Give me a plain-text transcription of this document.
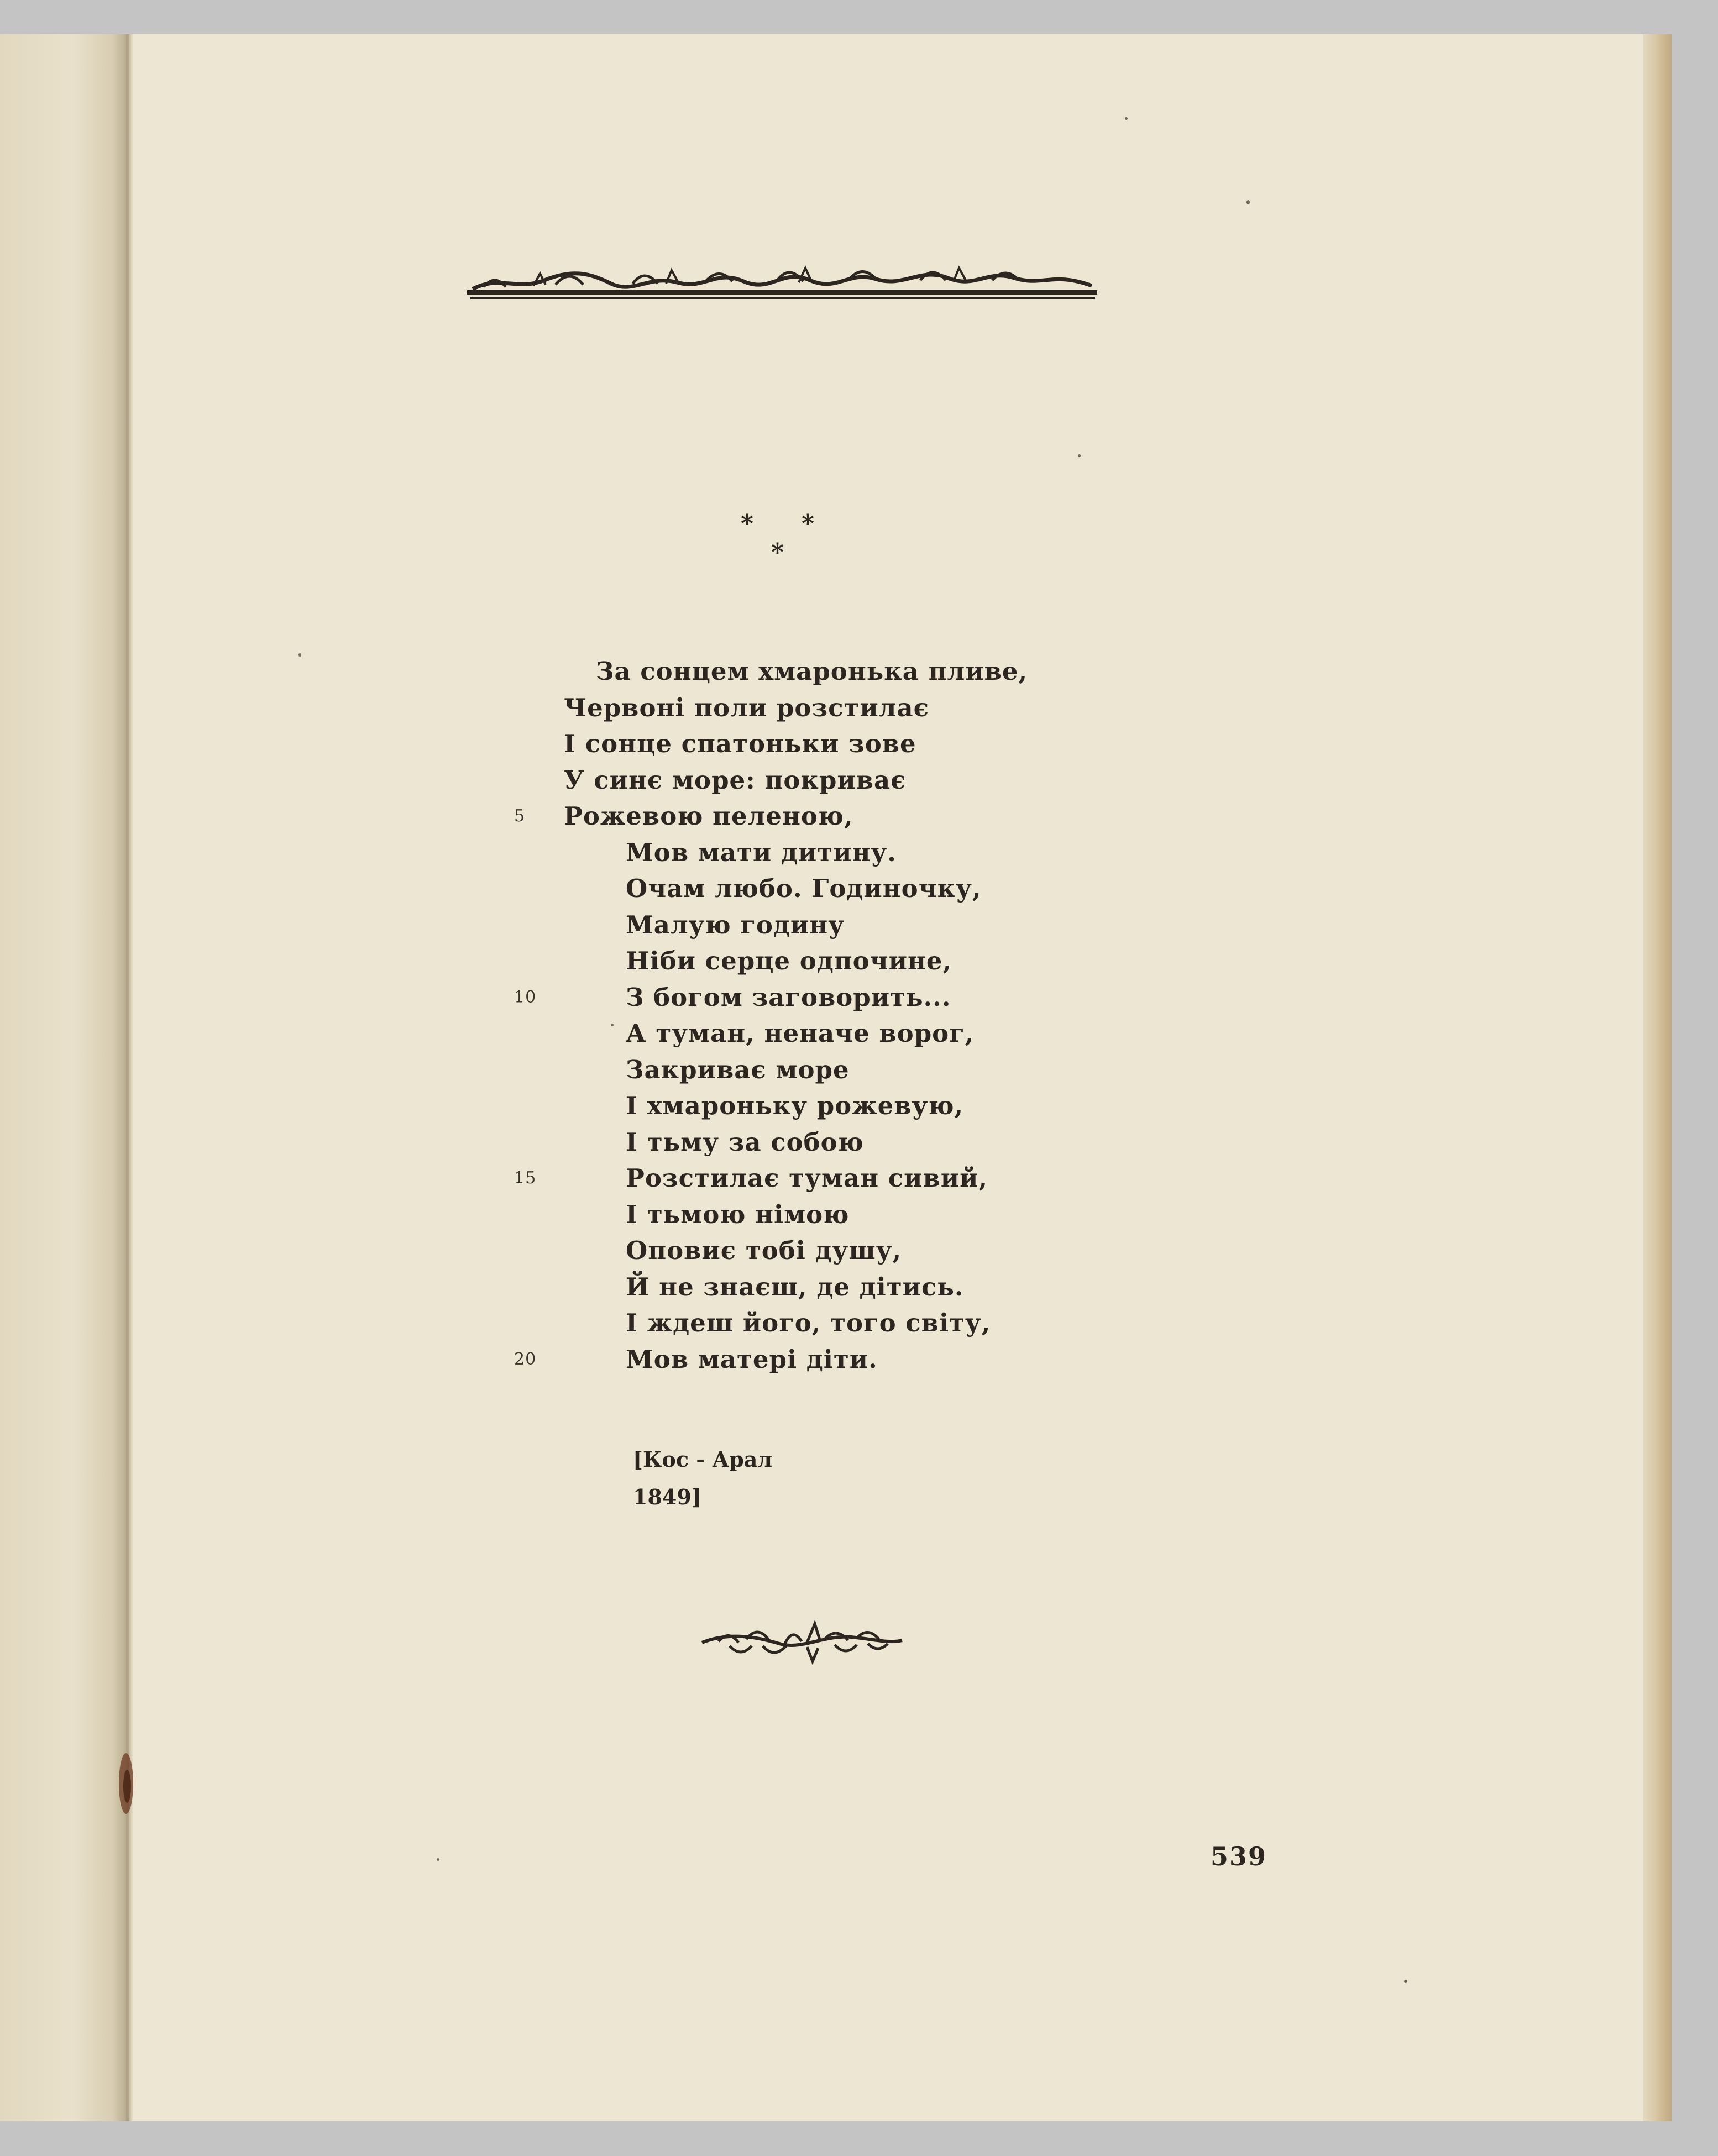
* *
*
За сонцем хмаронька пливе,
Червоні поли розстилає
І сонце спатоньки зове
У синє море: покриває
5 Рожевою пеленою,
Мов мати дитину.
Очам любо. Годиночку,
Малую годину
Ніби серце одпочине,
10	З богом заговорить...
А туман, неначе ворог,
Закриває море
І хмароньку рожевую,
І тьму за собою
15	Розстилає туман сивий,
І тьмою німою
Оповиє тобі душу,
Й не знаєш, де дітись.
І ждеш його, того світу,
20	Мов матері діти.
[Кос - Арал
1849]
539
